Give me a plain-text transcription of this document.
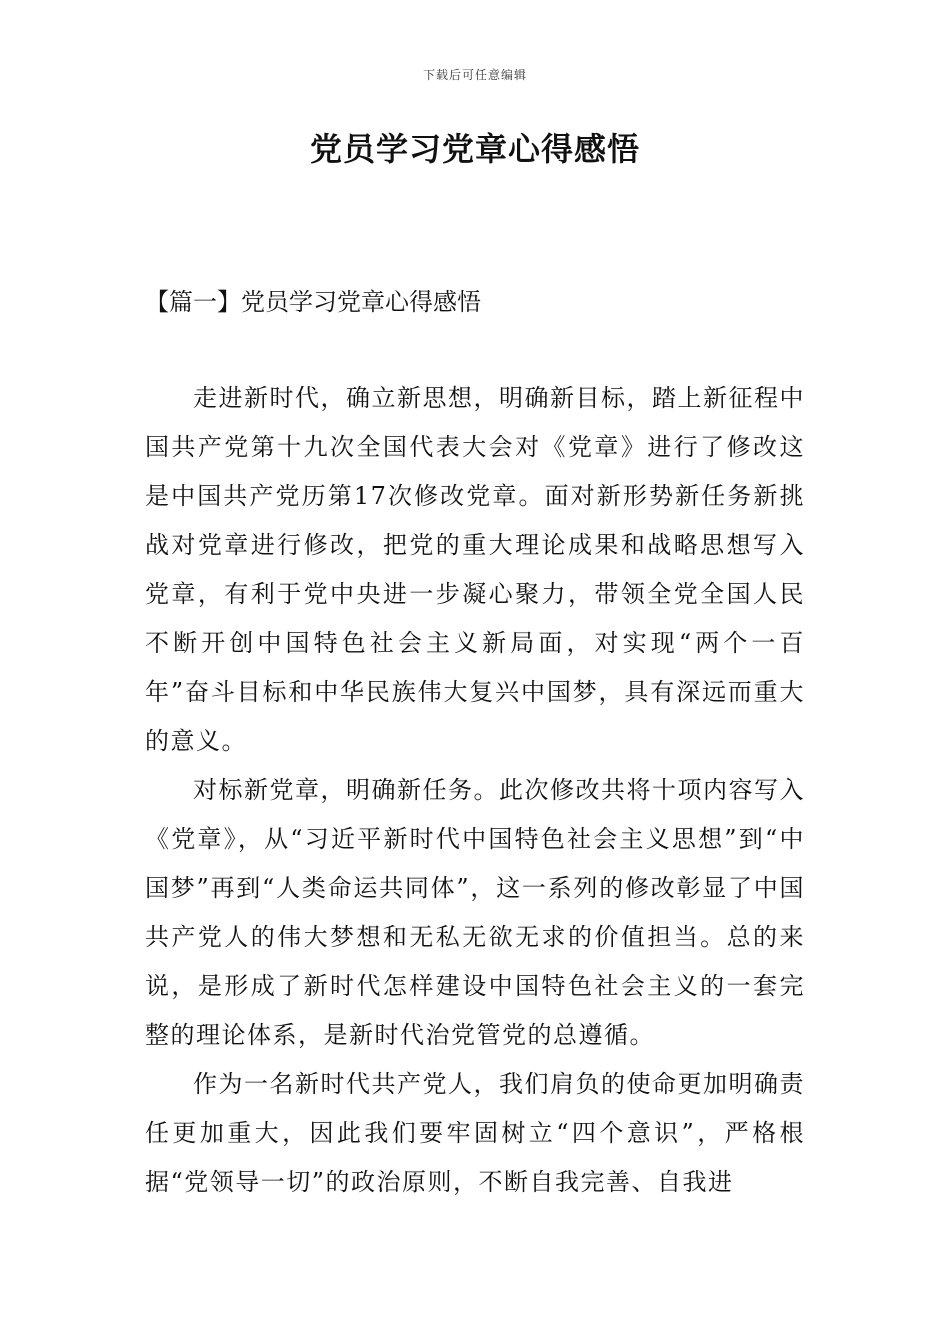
下载后可任意编辑
党员学习党章心得感悟
【篇一】党员学习党章心得感悟

走进新时代，确立新思想，明确新目标，踏上新征程中国共产党第十九次全国代表大会对《党章》进行了修改这是中国共产党历第17次修改党章。面对新形势新任务新挑战对党章进行修改，把党的重大理论成果和战略思想写入党章，有利于党中央进一步凝心聚力，带领全党全国人民不断开创中国特色社会主义新局面，对实现“两个一百年”奋斗目标和中华民族伟大复兴中国梦，具有深远而重大的意义。

对标新党章，明确新任务。此次修改共将十项内容写入《党章》，从“习近平新时代中国特色社会主义思想”到“中国梦”再到“人类命运共同体”，这一系列的修改彰显了中国共产党人的伟大梦想和无私无欲无求的价值担当。总的来说，是形成了新时代怎样建设中国特色社会主义的一套完整的理论体系，是新时代治党管党的总遵循。

作为一名新时代共产党人，我们肩负的使命更加明确责任更加重大，因此我们要牢固树立“四个意识”，严格根据“党领导一切”的政治原则，不断自我完善、自我进
